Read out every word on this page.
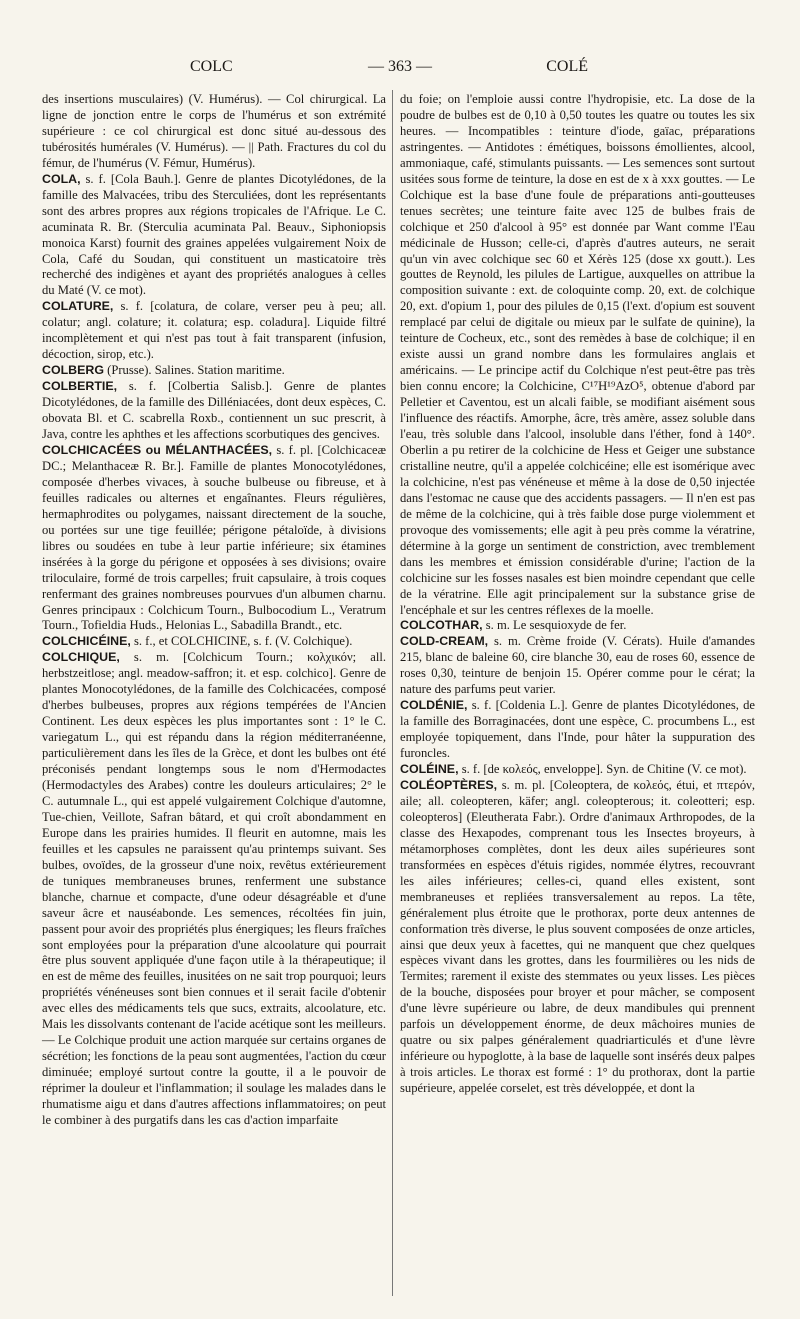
COLC	— 363 —	COLÉ

des insertions musculaires) (V. Humérus). — Col chirurgical. La ligne de jonction entre le corps de l'humérus et son extrémité supérieure : ce col chirurgical est donc situé au-dessous des tubérosités humérales (V. Humérus). — || Path. Fractures du col du fémur, de l'humérus (V. Fémur, Humérus).

COLA, s. f. [Cola Bauh.]. Genre de plantes Dicotylédones, de la famille des Malvacées, tribu des Sterculiées, dont les représentants sont des arbres propres aux régions tropicales de l'Afrique. Le C. acuminata R. Br. (Sterculia acuminata Pal. Beauv., Siphoniopsis monoica Karst) fournit des graines appelées vulgairement Noix de Cola, Café du Soudan, qui constituent un masticatoire très recherché des indigènes et ayant des propriétés analogues à celles du Maté (V. ce mot).

COLATURE, s. f. [colatura, de colare, verser peu à peu; all. colatur; angl. colature; it. colatura; esp. coladura]. Liquide filtré incomplètement et qui n'est pas tout à fait transparent (infusion, décoction, sirop, etc.).

COLBERG (Prusse). Salines. Station maritime.

COLBERTIE, s. f. [Colbertia Salisb.]. Genre de plantes Dicotylédones, de la famille des Dilléniacées, dont deux espèces, C. obovata Bl. et C. scabrella Roxb., contiennent un suc prescrit, à Java, contre les aphthes et les affections scorbutiques des gencives.

COLCHICACÉES ou MÉLANTHACÉES, s. f. pl. [Colchicaceæ DC.; Melanthaceæ R. Br.]. Famille de plantes Monocotylédones, composée d'herbes vivaces, à souche bulbeuse ou fibreuse, et à feuilles radicales ou alternes et engaînantes. Fleurs régulières, hermaphrodites ou polygames, naissant directement de la souche, ou portées sur une tige feuillée; périgone pétaloïde, à divisions libres ou soudées en tube à leur partie inférieure; six étamines insérées à la gorge du périgone et opposées à ses divisions; ovaire triloculaire, formé de trois carpelles; fruit capsulaire, à trois coques renfermant des graines nombreuses pourvues d'un albumen charnu. Genres principaux : Colchicum Tourn., Bulbocodium L., Veratrum Tourn., Tofieldia Huds., Helonias L., Sabadilla Brandt., etc.

COLCHICÉINE, s. f., et COLCHICINE, s. f. (V. Colchique).

COLCHIQUE, s. m. [Colchicum Tourn.; κολχικόν; all. herbstzeitlose; angl. meadow-saffron; it. et esp. colchico]. Genre de plantes Monocotylédones, de la famille des Colchicacées, composé d'herbes bulbeuses, propres aux régions tempérées de l'Ancien Continent. Les deux espèces les plus importantes sont : 1° le C. variegatum L., qui est répandu dans la région méditerranéenne, particulièrement dans les îles de la Grèce, et dont les bulbes ont été préconisés pendant longtemps sous le nom d'Hermodactes (Hermodactyles des Arabes) contre les douleurs articulaires; 2° le C. autumnale L., qui est appelé vulgairement Colchique d'automne, Tue-chien, Veillote, Safran bâtard, et qui croît abondamment en Europe dans les prairies humides. Il fleurit en automne, mais les feuilles et les capsules ne paraissent qu'au printemps suivant. Ses bulbes, ovoïdes, de la grosseur d'une noix, revêtus extérieurement de tuniques membraneuses brunes, renferment une substance blanche, charnue et compacte, d'une odeur désagréable et d'une saveur âcre et nauséabonde. Les semences, récoltées fin juin, passent pour avoir des propriétés plus énergiques; les fleurs fraîches sont employées pour la préparation d'une alcoolature qui pourrait être plus souvent appliquée d'une façon utile à la thérapeutique; il en est de même des feuilles, inusitées on ne sait trop pourquoi; leurs propriétés vénéneuses sont bien connues et il serait facile d'obtenir avec elles des médicaments tels que sucs, extraits, alcoolature, etc. Mais les dissolvants contenant de l'acide acétique sont les meilleurs. — Le Colchique produit une action marquée sur certains organes de sécrétion; les fonctions de la peau sont augmentées, l'action du cœur diminuée; employé surtout contre la goutte, il a le pouvoir de réprimer la douleur et l'inflammation; il soulage les malades dans le rhumatisme aigu et dans d'autres affections inflammatoires; on peut le combiner à des purgatifs dans les cas d'action imparfaite

du foie; on l'emploie aussi contre l'hydropisie, etc. La dose de la poudre de bulbes est de 0,10 à 0,50 toutes les quatre ou toutes les six heures. — Incompatibles : teinture d'iode, gaïac, préparations astringentes. — Antidotes : émétiques, boissons émollientes, alcool, ammoniaque, café, stimulants puissants. — Les semences sont surtout usitées sous forme de teinture, la dose en est de x à xxx gouttes. — Le Colchique est la base d'une foule de préparations anti-goutteuses tenues secrètes; une teinture faite avec 125 de bulbes frais de colchique et 250 d'alcool à 95° est donnée par Want comme l'Eau médicinale de Husson; celle-ci, d'après d'autres auteurs, ne serait qu'un vin avec colchique sec 60 et Xérès 125 (dose xx goutt.). Les gouttes de Reynold, les pilules de Lartigue, auxquelles on attribue la composition suivante : ext. de coloquinte comp. 20, ext. de colchique 20, ext. d'opium 1, pour des pilules de 0,15 (l'ext. d'opium est souvent remplacé par celui de digitale ou mieux par le sulfate de quinine), la teinture de Cocheux, etc., sont des remèdes à base de colchique; il en existe aussi un grand nombre dans les formulaires anglais et américains. — Le principe actif du Colchique n'est peut-être pas très bien connu encore; la Colchicine, C¹⁷H¹⁹AzO⁵, obtenue d'abord par Pelletier et Caventou, est un alcali faible, se modifiant aisément sous l'influence des réactifs. Amorphe, âcre, très amère, assez soluble dans l'eau, très soluble dans l'alcool, insoluble dans l'éther, fond à 140°. Oberlin a pu retirer de la colchicine de Hess et Geiger une substance cristalline neutre, qu'il a appelée colchicéine; elle est isomérique avec la colchicine, n'est pas vénéneuse et même à la dose de 0,50 injectée dans l'estomac ne cause que des accidents passagers. — Il n'en est pas de même de la colchicine, qui à très faible dose purge violemment et provoque des vomissements; elle agit à peu près comme la vératrine, détermine à la gorge un sentiment de constriction, avec tremblement dans les membres et émission considérable d'urine; l'action de la colchicine sur les fosses nasales est bien moindre cependant que celle de la vératrine. Elle agit principalement sur la substance grise de l'encéphale et sur les centres réflexes de la moelle.

COLCOTHAR, s. m. Le sesquioxyde de fer.

COLD-CREAM, s. m. Crème froide (V. Cérats). Huile d'amandes 215, blanc de baleine 60, cire blanche 30, eau de roses 60, essence de roses 0,30, teinture de benjoin 15. Opérer comme pour le cérat; la nature des parfums peut varier.

COLDÉNIE, s. f. [Coldenia L.]. Genre de plantes Dicotylédones, de la famille des Borraginacées, dont une espèce, C. procumbens L., est employée topiquement, dans l'Inde, pour hâter la suppuration des furoncles.

COLÉINE, s. f. [de κολεός, enveloppe]. Syn. de Chitine (V. ce mot).

COLÉOPTÈRES, s. m. pl. [Coleoptera, de κολεός, étui, et πτερόν, aile; all. coleopteren, käfer; angl. coleopterous; it. coleotteri; esp. coleopteros] (Eleutherata Fabr.). Ordre d'animaux Arthropodes, de la classe des Hexapodes, comprenant tous les Insectes broyeurs, à métamorphoses complètes, dont les deux ailes supérieures sont transformées en espèces d'étuis rigides, nommée élytres, recouvrant les ailes inférieures; celles-ci, quand elles existent, sont membraneuses et repliées transversalement au repos. La tête, généralement plus étroite que le prothorax, porte deux antennes de conformation très diverse, le plus souvent composées de onze articles, ainsi que deux yeux à facettes, qui ne manquent que chez quelques espèces vivant dans les grottes, dans les fourmilières ou les nids de Termites; rarement il existe des stemmates ou yeux lisses. Les pièces de la bouche, disposées pour broyer et pour mâcher, se composent d'une lèvre supérieure ou labre, de deux mandibules qui prennent parfois un développement énorme, de deux mâchoires munies de quatre ou six palpes généralement quadriarticulés et d'une lèvre inférieure ou hypoglotte, à la base de laquelle sont insérés deux palpes à trois articles. Le thorax est formé : 1° du prothorax, dont la partie supérieure, appelée corselet, est très développée, et dont la
